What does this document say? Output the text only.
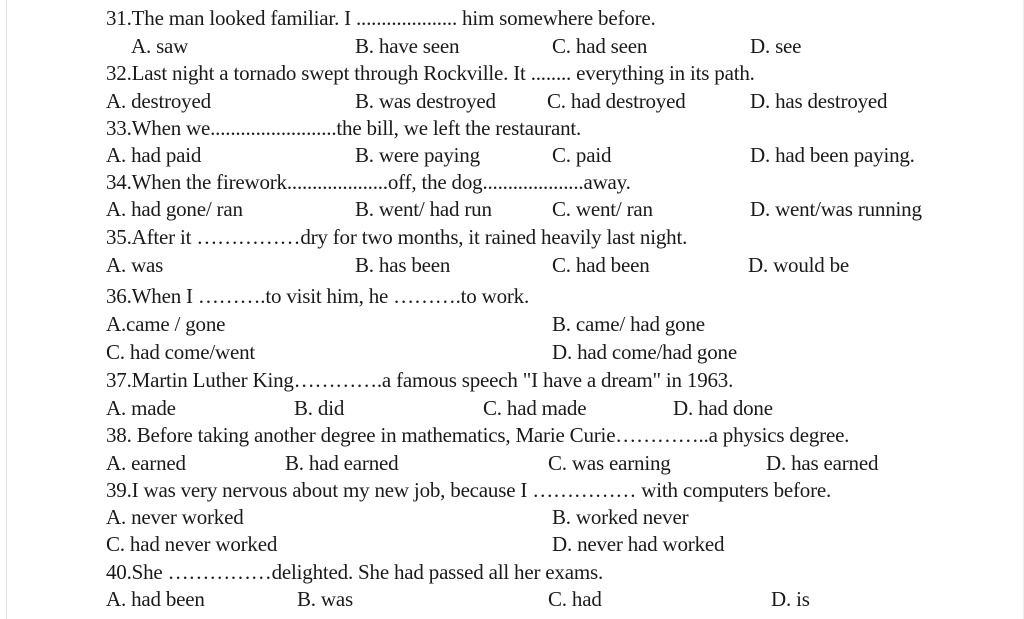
31.The man looked familiar. I .................... him somewhere before.
A. saw	B. have seen	C. had seen	D. see
32.Last night a tornado swept through Rockville. It ........ everything in its path.
A. destroyed	B. was destroyed C. had destroyed	D. has destroyed
33.When we.........................the bill, we left the restaurant.
A. had paid	B. were paying	C. paid	D. had been paying.
34.When the firework....................off, the dog....................away.
A. had gone/ ran	B. went/ had run	C. went/ ran	D. went/was running
35.After it ……………dry for two months, it rained heavily last night.
A. was	B. has been	C. had been	D. would be
36.When I ……….to visit him, he ……….to work.
A.came / gone	B. came/ had gone
C. had come/went	D. had come/had gone
37.Martin Luther King………….a famous speech "I have a dream" in 1963.
A. made	B. did	C. had made	D. had done
38. Before taking another degree in mathematics, Marie Curie…………..a physics degree.
A. earned	B. had earned	C. was earning	D. has earned
39.I was very nervous about my new job, because I …………… with computers before.
A. never worked	B. worked never
C. had never worked	D. never had worked
40.She ……………delighted. She had passed all her exams.
A. had been	B. was	C. had	D. is
